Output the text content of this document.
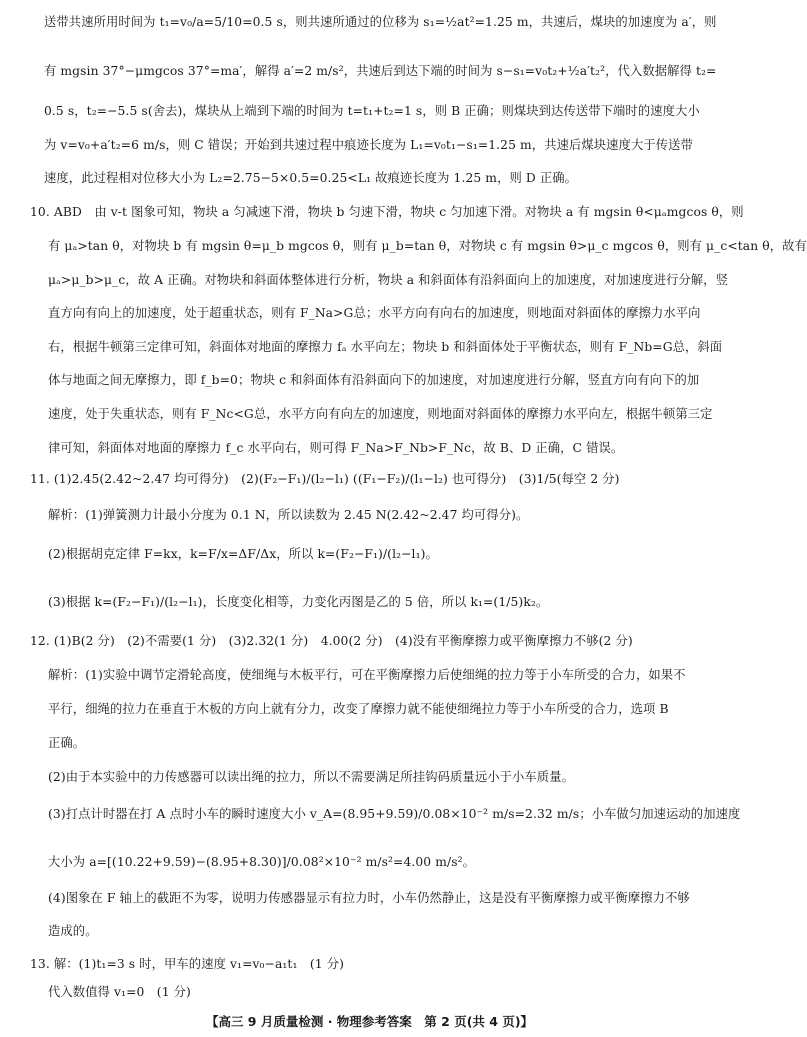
送带共速所用时间为 t₁=v₀/a=5/10=0.5 s，则共速所通过的位移为 s₁=½at²=1.25 m，共速后，煤块的加速度为 a′，则
有 mgsin 37°−μmgcos 37°=ma′，解得 a′=2 m/s²，共速后到达下端的时间为 s−s₁=v₀t₂+½a′t₂²，代入数据解得 t₂=
0.5 s，t₂=−5.5 s(舍去)，煤块从上端到下端的时间为 t=t₁+t₂=1 s，则 B 正确；则煤块到达传送带下端时的速度大小
为 v=v₀+a′t₂=6 m/s，则 C 错误；开始到共速过程中痕迹长度为 L₁=v₀t₁−s₁=1.25 m，共速后煤块速度大于传送带
速度，此过程相对位移大小为 L₂=2.75−5×0.5=0.25<L₁ 故痕迹长度为 1.25 m，则 D 正确。
10. ABD　由 v-t 图象可知，物块 a 匀减速下滑，物块 b 匀速下滑，物块 c 匀加速下滑。对物块 a 有 mgsin θ<μₐmgcos θ，则
有 μₐ>tan θ，对物块 b 有 mgsin θ=μ_b mgcos θ，则有 μ_b=tan θ，对物块 c 有 mgsin θ>μ_c mgcos θ，则有 μ_c<tan θ，故有
μₐ>μ_b>μ_c，故 A 正确。对物块和斜面体整体进行分析，物块 a 和斜面体有沿斜面向上的加速度，对加速度进行分解，竖
直方向有向上的加速度，处于超重状态，则有 F_Na>G总；水平方向有向右的加速度，则地面对斜面体的摩擦力水平向
右，根据牛顿第三定律可知，斜面体对地面的摩擦力 fₐ 水平向左；物块 b 和斜面体处于平衡状态，则有 F_Nb=G总，斜面
体与地面之间无摩擦力，即 f_b=0；物块 c 和斜面体有沿斜面向下的加速度，对加速度进行分解，竖直方向有向下的加
速度，处于失重状态，则有 F_Nc<G总，水平方向有向左的加速度，则地面对斜面体的摩擦力水平向左，根据牛顿第三定
律可知，斜面体对地面的摩擦力 f_c 水平向右，则可得 F_Na>F_Nb>F_Nc，故 B、D 正确，C 错误。
11. (1)2.45(2.42~2.47 均可得分)　(2)(F₂−F₁)/(l₂−l₁) ((F₁−F₂)/(l₁−l₂) 也可得分)　(3)1/5(每空 2 分)
解析：(1)弹簧测力计最小分度为 0.1 N，所以读数为 2.45 N(2.42~2.47 均可得分)。
(2)根据胡克定律 F=kx，k=F/x=ΔF/Δx，所以 k=(F₂−F₁)/(l₂−l₁)。
(3)根据 k=(F₂−F₁)/(l₂−l₁)，长度变化相等，力变化丙图是乙的 5 倍，所以 k₁=(1/5)k₂。
12. (1)B(2 分)　(2)不需要(1 分)　(3)2.32(1 分)　4.00(2 分)　(4)没有平衡摩擦力或平衡摩擦力不够(2 分)
解析：(1)实验中调节定滑轮高度，使细绳与木板平行，可在平衡摩擦力后使细绳的拉力等于小车所受的合力，如果不
平行，细绳的拉力在垂直于木板的方向上就有分力，改变了摩擦力就不能使细绳拉力等于小车所受的合力，选项 B
正确。
(2)由于本实验中的力传感器可以读出绳的拉力，所以不需要满足所挂钩码质量远小于小车质量。
(3)打点计时器在打 A 点时小车的瞬时速度大小 v_A=(8.95+9.59)/0.08×10⁻² m/s=2.32 m/s；小车做匀加速运动的加速度
大小为 a=[(10.22+9.59)−(8.95+8.30)]/0.08²×10⁻² m/s²=4.00 m/s²。
(4)图象在 F 轴上的截距不为零，说明力传感器显示有拉力时，小车仍然静止，这是没有平衡摩擦力或平衡摩擦力不够
造成的。
13. 解：(1)t₁=3 s 时，甲车的速度 v₁=v₀−a₁t₁　(1 分)
代入数值得 v₁=0　(1 分)
【高三 9 月质量检测 · 物理参考答案　第 2 页(共 4 页)】
